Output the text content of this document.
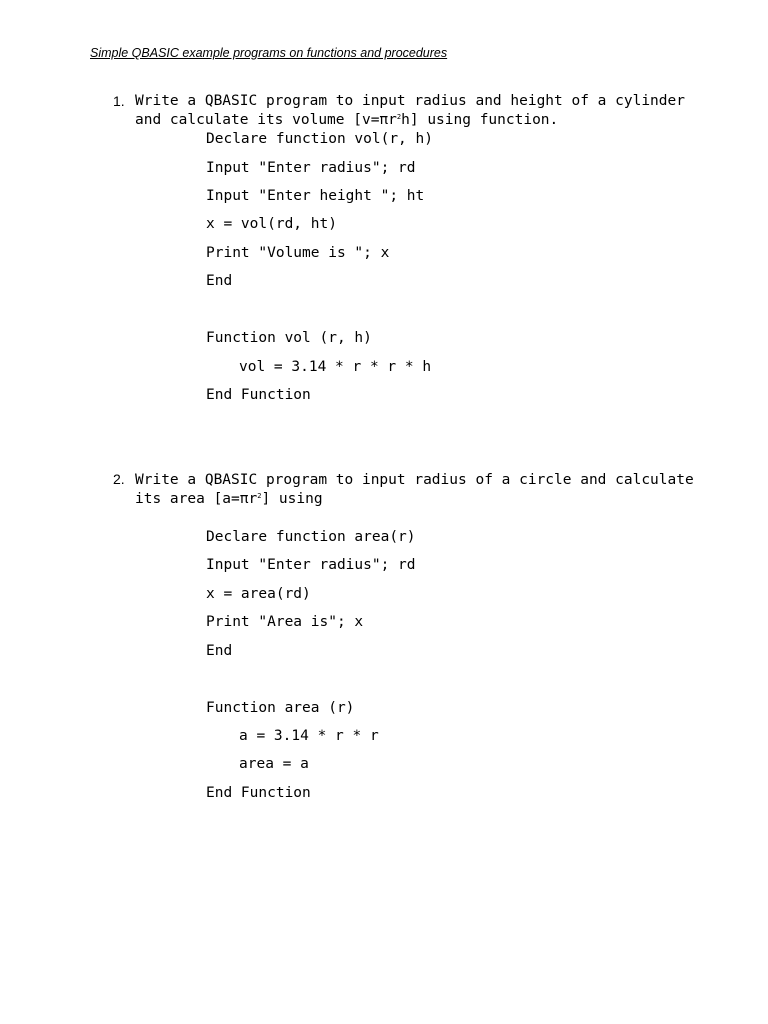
Simple QBASIC example programs on functions and procedures
1. Write a QBASIC program to input radius and height of a cylinder
and calculate its volume $[v=\pi r^2h]$ using function.
Declare function vol(r, h)
Input "Enter radius"; rd
Input "Enter height "; ht
x = vol(rd, ht)
Print "Volume is "; x
End
Function vol (r, h)
vol = 3.14 * r * r * h
End Function
2. Write a QBASIC program to input radius of a circle and calculate
its area $[a=\pi r^2]$ using
Declare function area(r)
Input "Enter radius"; rd
x = area(rd)
Print "Area is"; x
End
Function area (r)
a = 3.14 * r * r
area = a
End Function
